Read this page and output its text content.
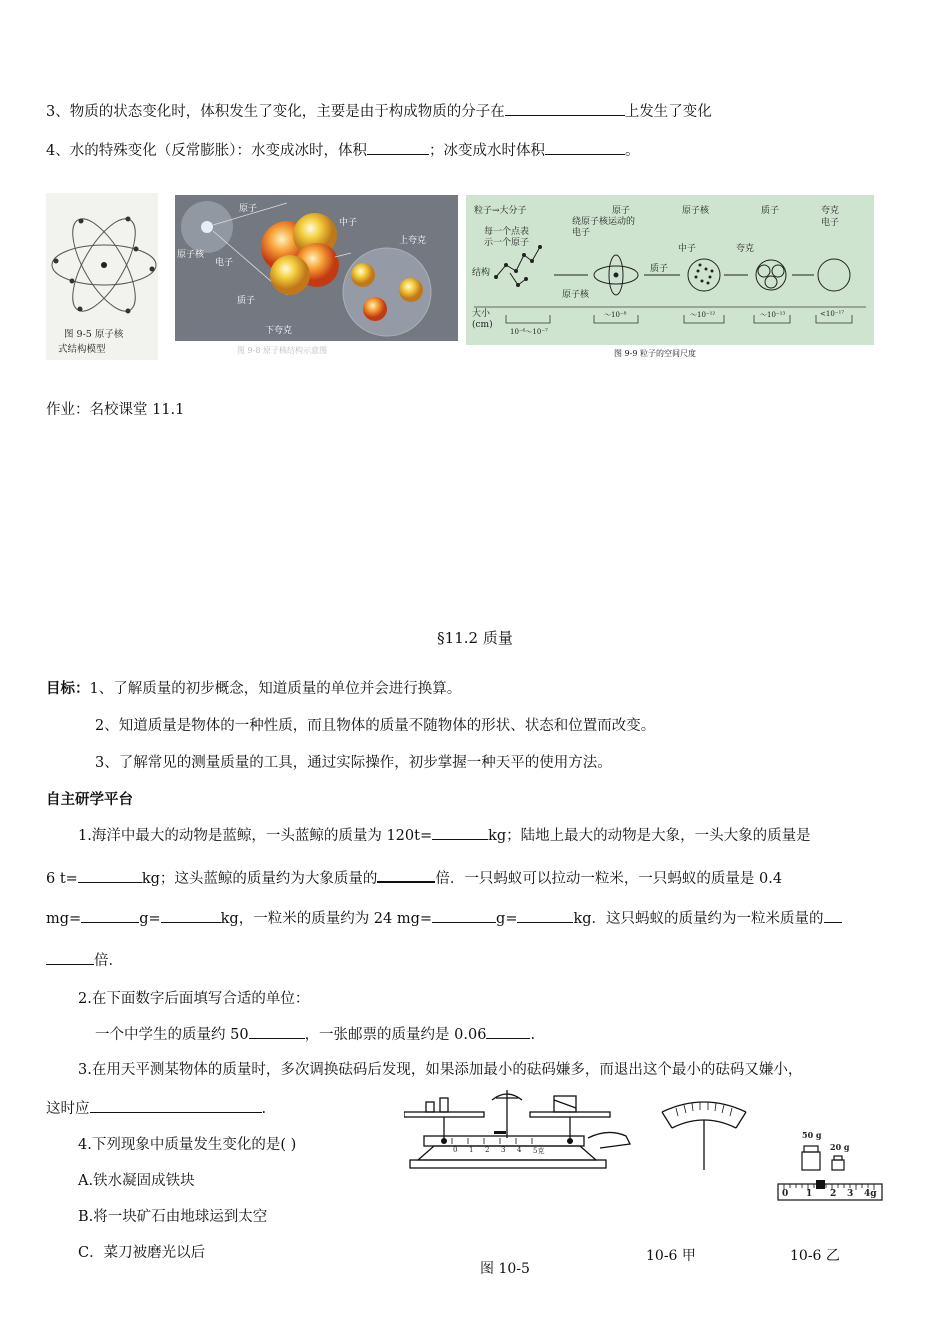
3、物质的状态变化时，体积发生了变化，主要是由于构成物质的分子在	上发生了变化
4、水的特殊变化（反常膨胀）：水变成冰时，体积	；冰变成水时体积	。
图 9-5 原子核
式结构模型
原子
中子
原子核
电子
质子
上夸克
下夸克
图 9-8 原子核结构示意图
粒子→大分子	原子	原子核	质子	夸克
电子
每一个点表示一个原子
绕原子核运动的电子
中子
质子
夸克
结构
原子核
大小(cm)
10⁻⁶～10⁻⁷
～10⁻⁸	～10⁻¹²	～10⁻¹³	<10⁻¹⁷
图 9-9 粒子的空间尺度
作业：名校课堂 11.1
§11.2 质量
目标：1、了解质量的初步概念，知道质量的单位并会进行换算。
2、知道质量是物体的一种性质，而且物体的质量不随物体的形状、状态和位置而改变。
3、了解常见的测量质量的工具，通过实际操作，初步掌握一种天平的使用方法。
自主研学平台
1.海洋中最大的动物是蓝鲸，一头蓝鲸的质量为 120t=	kg；陆地上最大的动物是大象，一头大象的质量是
6 t=	kg；这头蓝鲸的质量约为大象质量的	倍．一只蚂蚁可以拉动一粒米，一只蚂蚁的质量是 0.4
mg=	g=	kg，一粒米的质量约为 24 mg=	g=	kg．这只蚂蚁的质量约为一粒米质量的
倍．
2.在下面数字后面填写合适的单位：
一个中学生的质量约 50	，一张邮票的质量约是 0.06	.
3.在用天平测某物体的质量时，多次调换砝码后发现，如果添加最小的砝码嫌多，而退出这个最小的砝码又嫌小，
这时应	.
4.下列现象中质量发生变化的是( )
A.铁水凝固成铁块
B.将一块矿石由地球运到太空
C．菜刀被磨光以后
0 1 2 3 4 5克
50 g
20 g
0 1 2 3 4g
10-6 甲	10-6 乙
图 10-5
